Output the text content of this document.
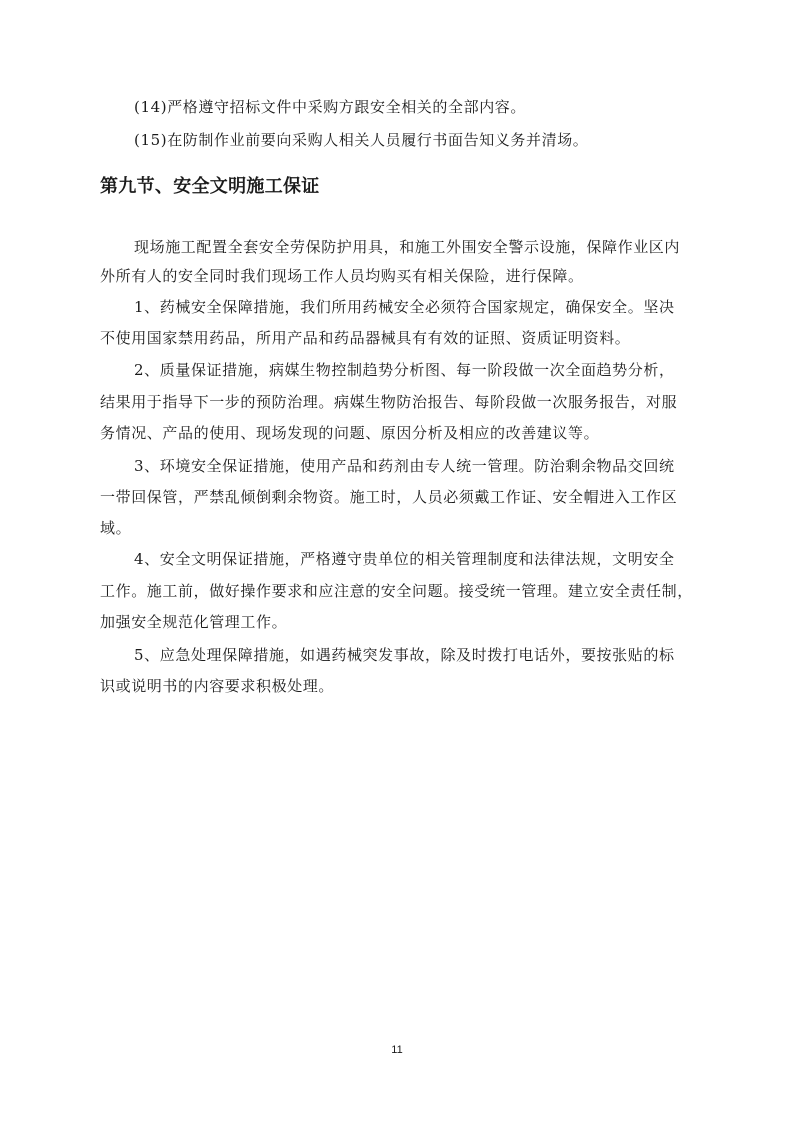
(14)严格遵守招标文件中采购方跟安全相关的全部内容。
(15)在防制作业前要向采购人相关人员履行书面告知义务并清场。
第九节、安全文明施工保证
现场施工配置全套安全劳保防护用具，和施工外围安全警示设施，保障作业区内
外所有人的安全同时我们现场工作人员均购买有相关保险，进行保障。
1、药械安全保障措施，我们所用药械安全必须符合国家规定，确保安全。坚决
不使用国家禁用药品，所用产品和药品器械具有有效的证照、资质证明资料。
2、质量保证措施，病媒生物控制趋势分析图、每一阶段做一次全面趋势分析，
结果用于指导下一步的预防治理。病媒生物防治报告、每阶段做一次服务报告，对服
务情况、产品的使用、现场发现的问题、原因分析及相应的改善建议等。
3、环境安全保证措施，使用产品和药剂由专人统一管理。防治剩余物品交回统
一带回保管，严禁乱倾倒剩余物资。施工时，人员必须戴工作证、安全帽进入工作区
域。
4、安全文明保证措施，严格遵守贵单位的相关管理制度和法律法规，文明安全
工作。施工前，做好操作要求和应注意的安全问题。接受统一管理。建立安全责任制，
加强安全规范化管理工作。
5、应急处理保障措施，如遇药械突发事故，除及时拨打电话外，要按张贴的标
识或说明书的内容要求积极处理。
11
